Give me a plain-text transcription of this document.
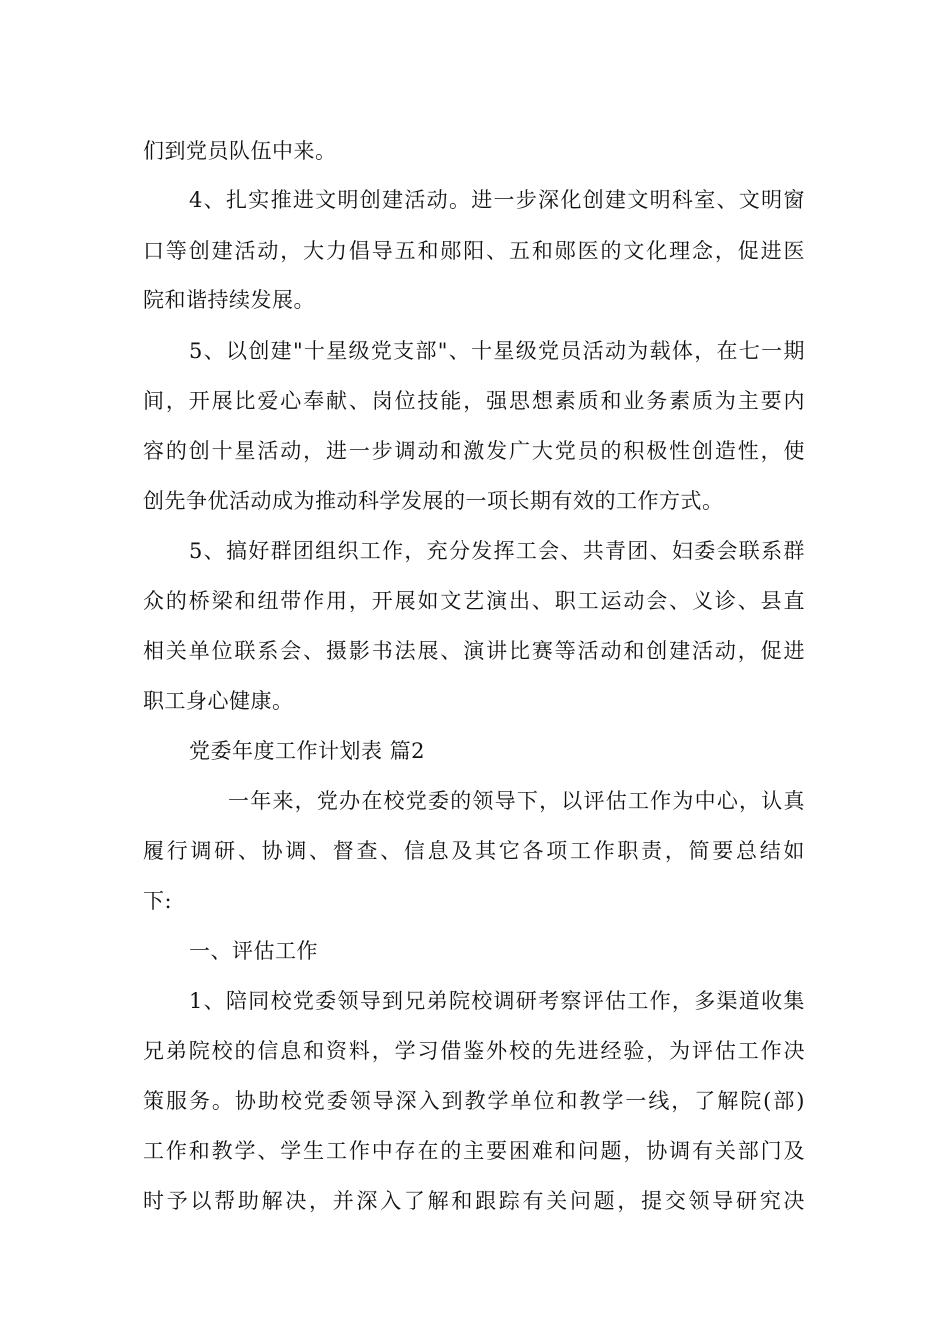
们到党员队伍中来。
4 、 扎 实 推 进 文 明 创 建 活 动 。 进 一 步 深 化 创 建 文 明 科 室 、 文 明 窗
口 等 创 建 活 动 ， 大 力 倡 导 五 和 郧 阳 、 五 和 郧 医 的 文 化 理 念 ， 促 进 医
院和谐持续发展。
5 、 以 创 建 " 十 星 级 党 支 部 " 、 十 星 级 党 员 活 动 为 载 体 ， 在 七 一 期
间 ， 开 展 比 爱 心 奉 献 、 岗 位 技 能 ， 强 思 想 素 质 和 业 务 素 质 为 主 要 内
容 的 创 十 星 活 动 ， 进 一 步 调 动 和 激 发 广 大 党 员 的 积 极 性 创 造 性 ， 使
创先争优活动成为推动科学发展的一项长期有效的工作方式。
5 、 搞 好 群 团 组 织 工 作 ， 充 分 发 挥 工 会 、 共 青 团 、 妇 委 会 联 系 群
众 的 桥 梁 和 纽 带 作 用 ， 开 展 如 文 艺 演 出 、 职 工 运 动 会 、 义 诊 、 县 直
相 关 单 位 联 系 会 、 摄 影 书 法 展 、 演 讲 比 赛 等 活 动 和 创 建 活 动 ， 促 进
职工身心健康。
党委年度工作计划表 篇2
一 年 来 ， 党 办 在 校 党 委 的 领 导 下 ， 以 评 估 工 作 为 中 心 ， 认 真
履 行 调 研 、 协 调 、 督 查 、 信 息 及 其 它 各 项 工 作 职 责 ， 简 要 总 结 如
下:
一、评估工作
1 、 陪 同 校 党 委 领 导 到 兄 弟 院 校 调 研 考 察 评 估 工 作 ， 多 渠 道 收 集
兄 弟 院 校 的 信 息 和 资 料 ， 学 习 借 鉴 外 校 的 先 进 经 验 ， 为 评 估 工 作 决
策 服 务 。 协 助 校 党 委 领 导 深 入 到 教 学 单 位 和 教 学 一 线 ， 了 解 院 ( 部 )
工 作 和 教 学 、 学 生 工 作 中 存 在 的 主 要 困 难 和 问 题 ， 协 调 有 关 部 门 及
时 予 以 帮 助 解 决 ， 并 深 入 了 解 和 跟 踪 有 关 问 题 ， 提 交 领 导 研 究 决
